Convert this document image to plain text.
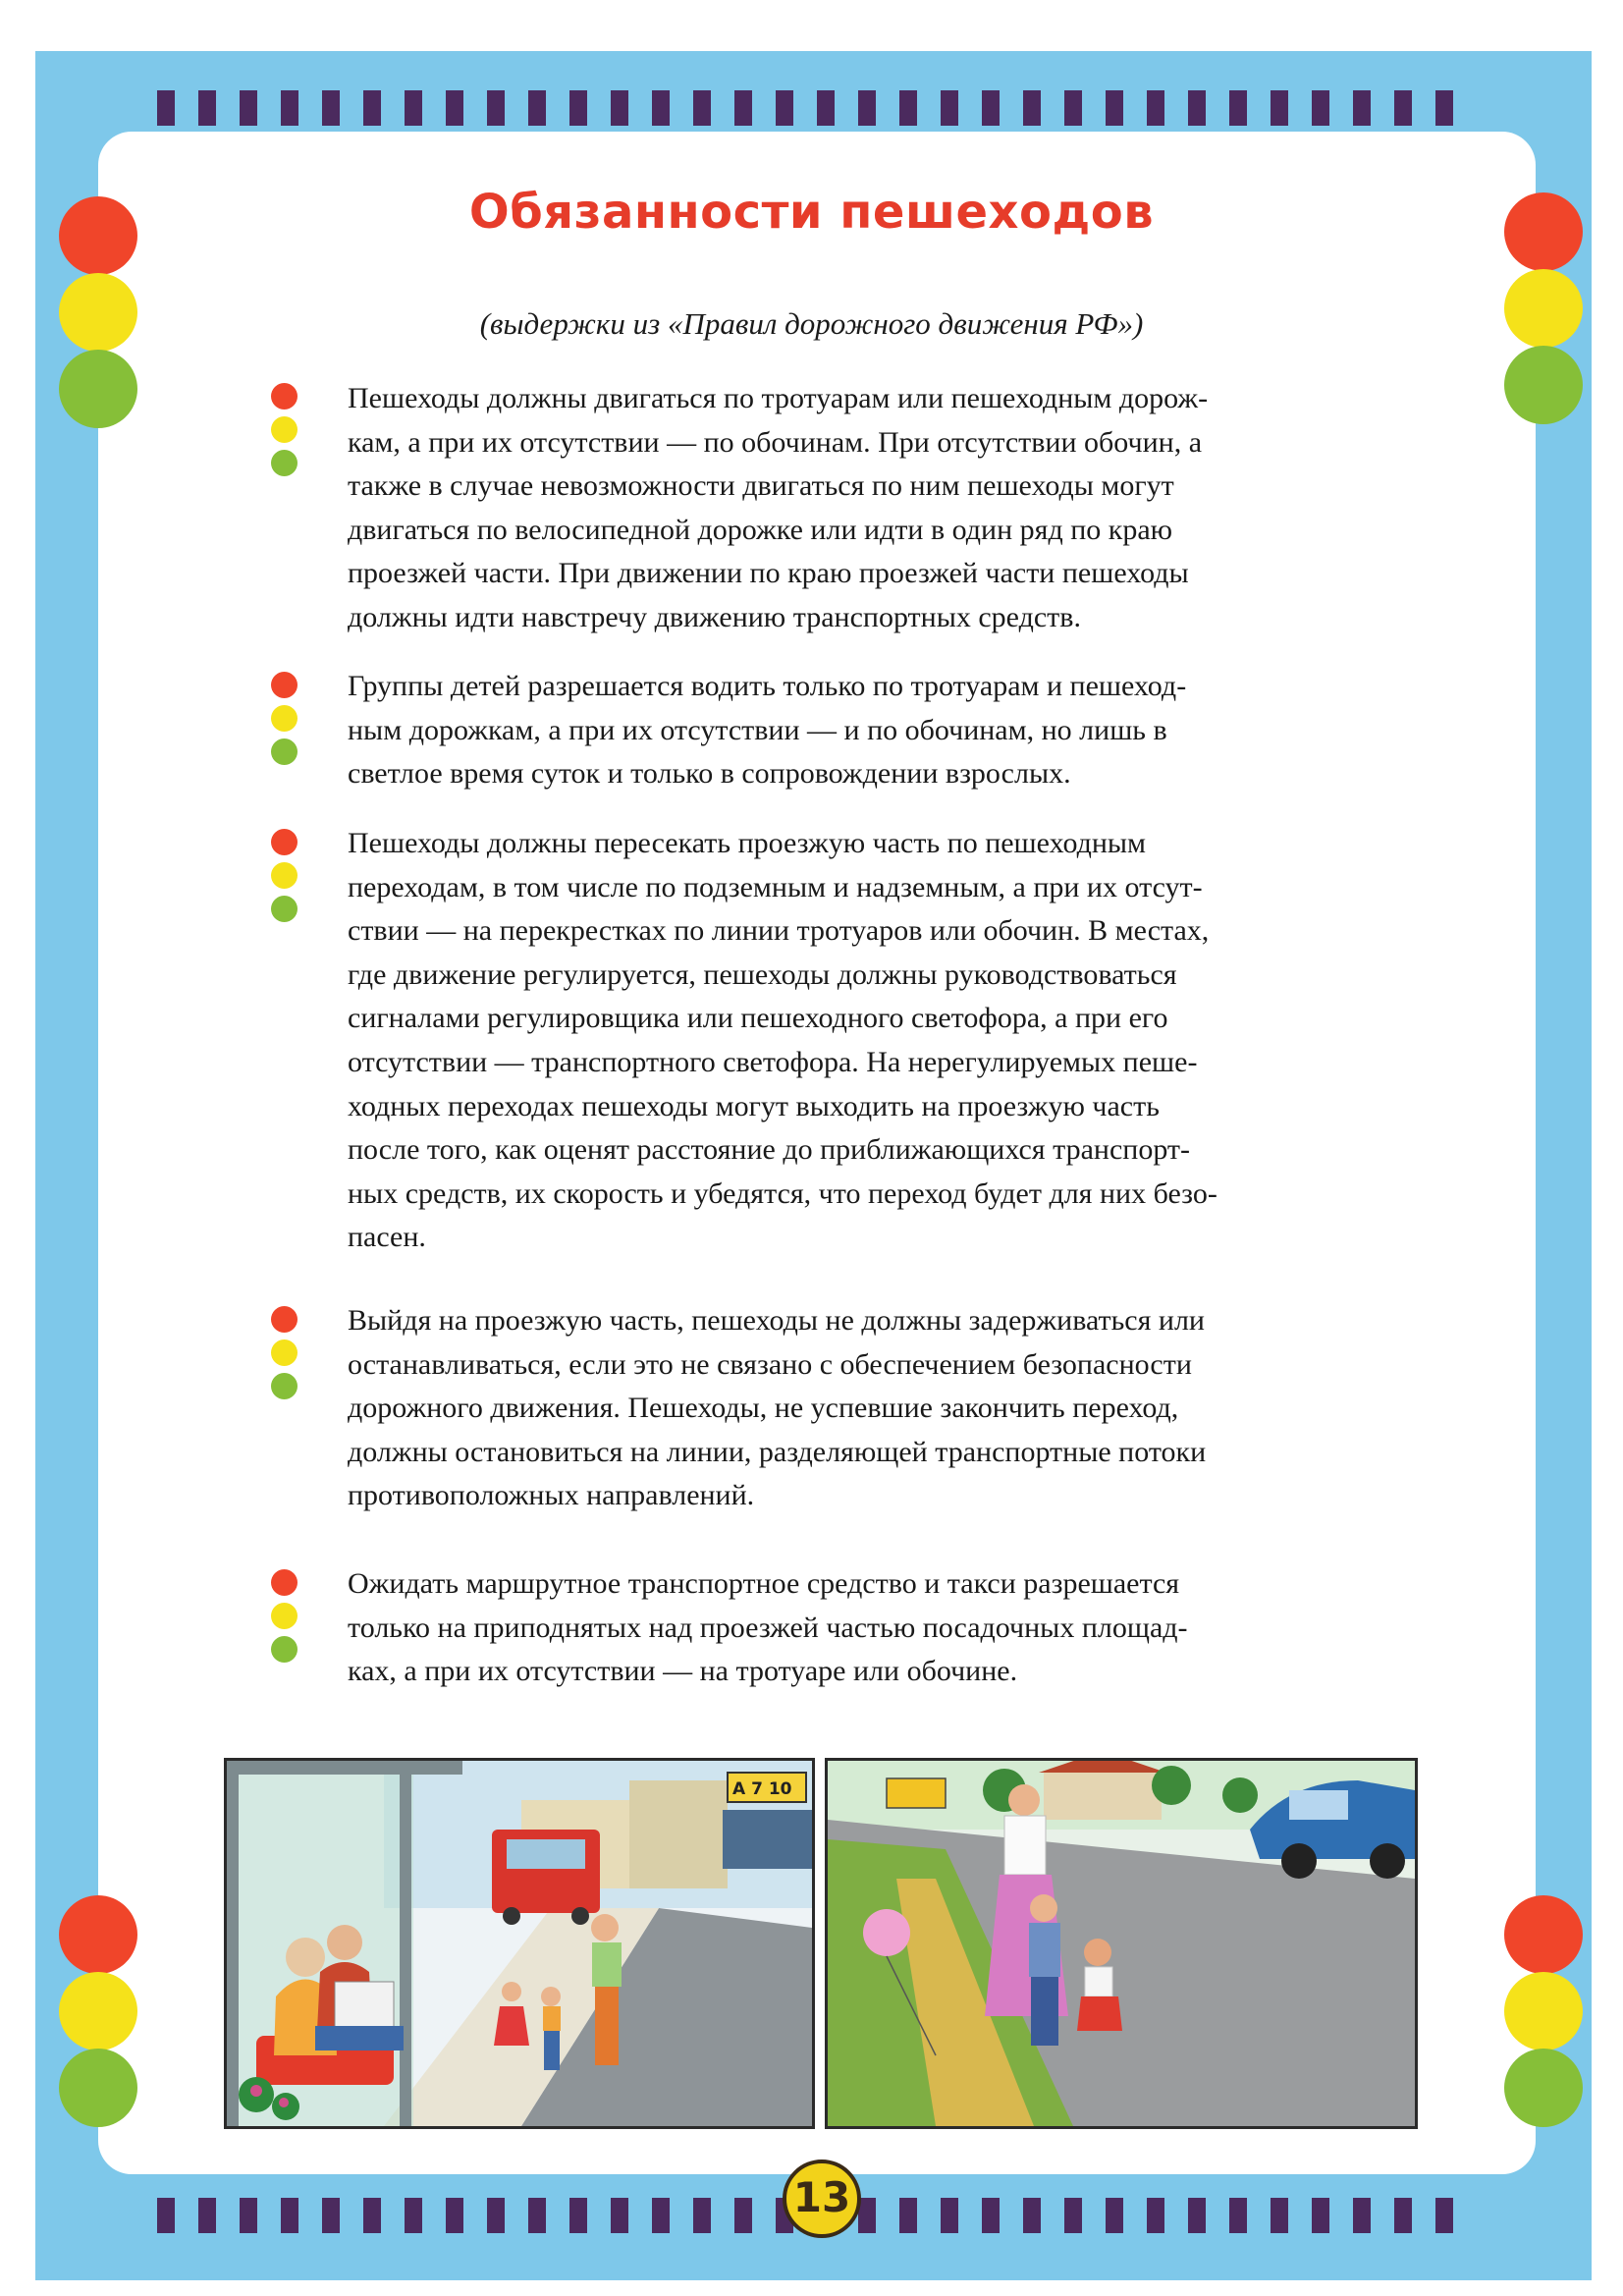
Обязанности пешеходов
(выдержки из «Правил дорожного движения РФ»)
Пешеходы должны двигаться по тротуарам или пешеходным дорож-
кам, а при их отсутствии — по обочинам. При отсутствии обочин, а
также в случае невозможности двигаться по ним пешеходы могут
двигаться по велосипедной дорожке или идти в один ряд по краю
проезжей части. При движении по краю проезжей части пешеходы
должны идти навстречу движению транспортных средств.
Группы детей разрешается водить только по тротуарам и пешеход-
ным дорожкам, а при их отсутствии — и по обочинам, но лишь в
светлое время суток и только в сопровождении взрослых.
Пешеходы должны пересекать проезжую часть по пешеходным
переходам, в том числе по подземным и надземным, а при их отсут-
ствии — на перекрестках по линии тротуаров или обочин. В местах,
где движение регулируется, пешеходы должны руководствоваться
сигналами регулировщика или пешеходного светофора, а при его
отсутствии — транспортного светофора. На нерегулируемых пеше-
ходных переходах пешеходы могут выходить на проезжую часть
после того, как оценят расстояние до приближающихся транспорт-
ных средств, их скорость и убедятся, что переход будет для них безо-
пасен.
Выйдя на проезжую часть, пешеходы не должны задерживаться или
останавливаться, если это не связано с обеспечением безопасности
дорожного движения. Пешеходы, не успевшие закончить переход,
должны остановиться на линии, разделяющей транспортные потоки
противоположных направлений.
Ожидать маршрутное транспортное средство и такси разрешается
только на приподнятых над проезжей частью посадочных площад-
ках, а при их отсутствии — на тротуаре или обочине.
А 7 10
13
